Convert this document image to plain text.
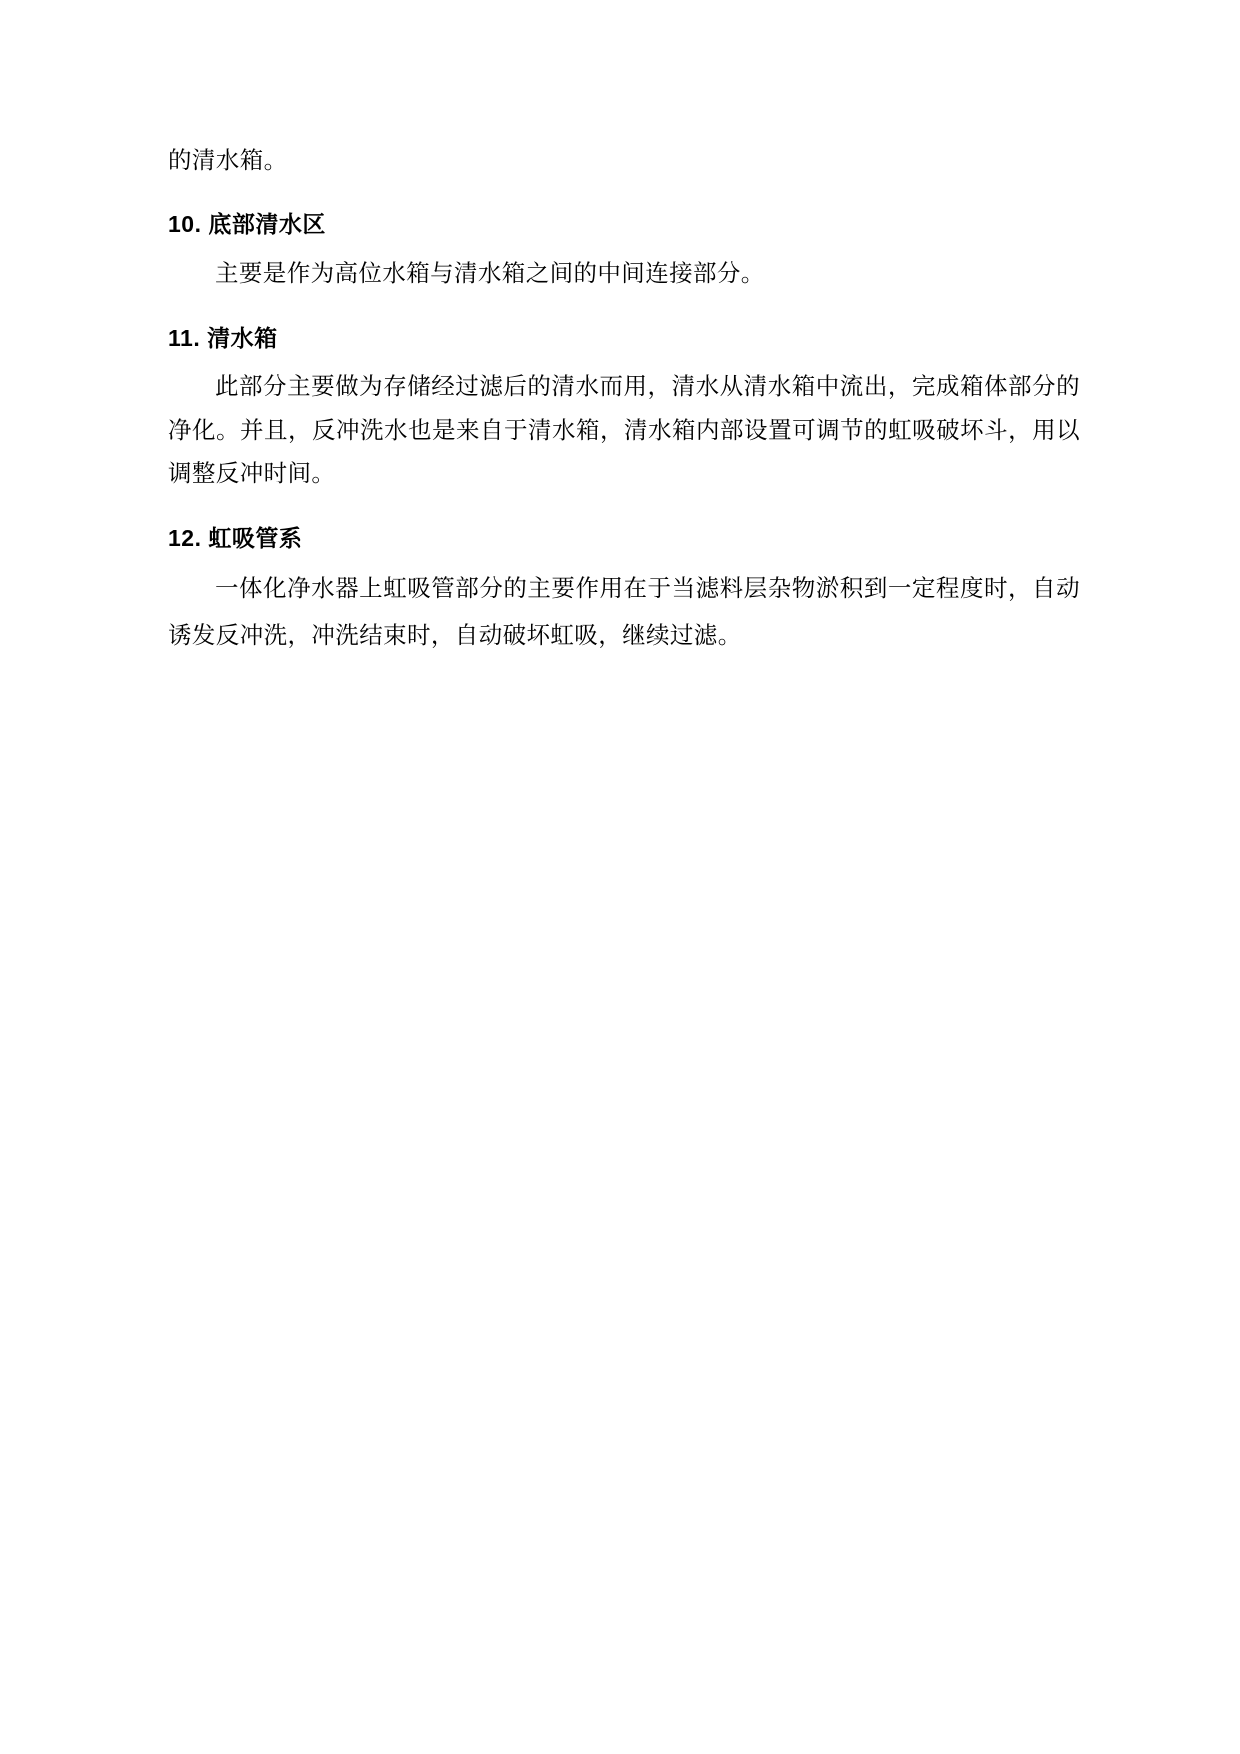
的清水箱。

10. 底部清水区

主要是作为高位水箱与清水箱之间的中间连接部分。

11. 清水箱

此部分主要做为存储经过滤后的清水而用，清水从清水箱中流出，完成箱体部分的净化。并且，反冲洗水也是来自于清水箱，清水箱内部设置可调节的虹吸破坏斗，用以调整反冲时间。

12. 虹吸管系

一体化净水器上虹吸管部分的主要作用在于当滤料层杂物淤积到一定程度时，自动诱发反冲洗，冲洗结束时，自动破坏虹吸，继续过滤。
